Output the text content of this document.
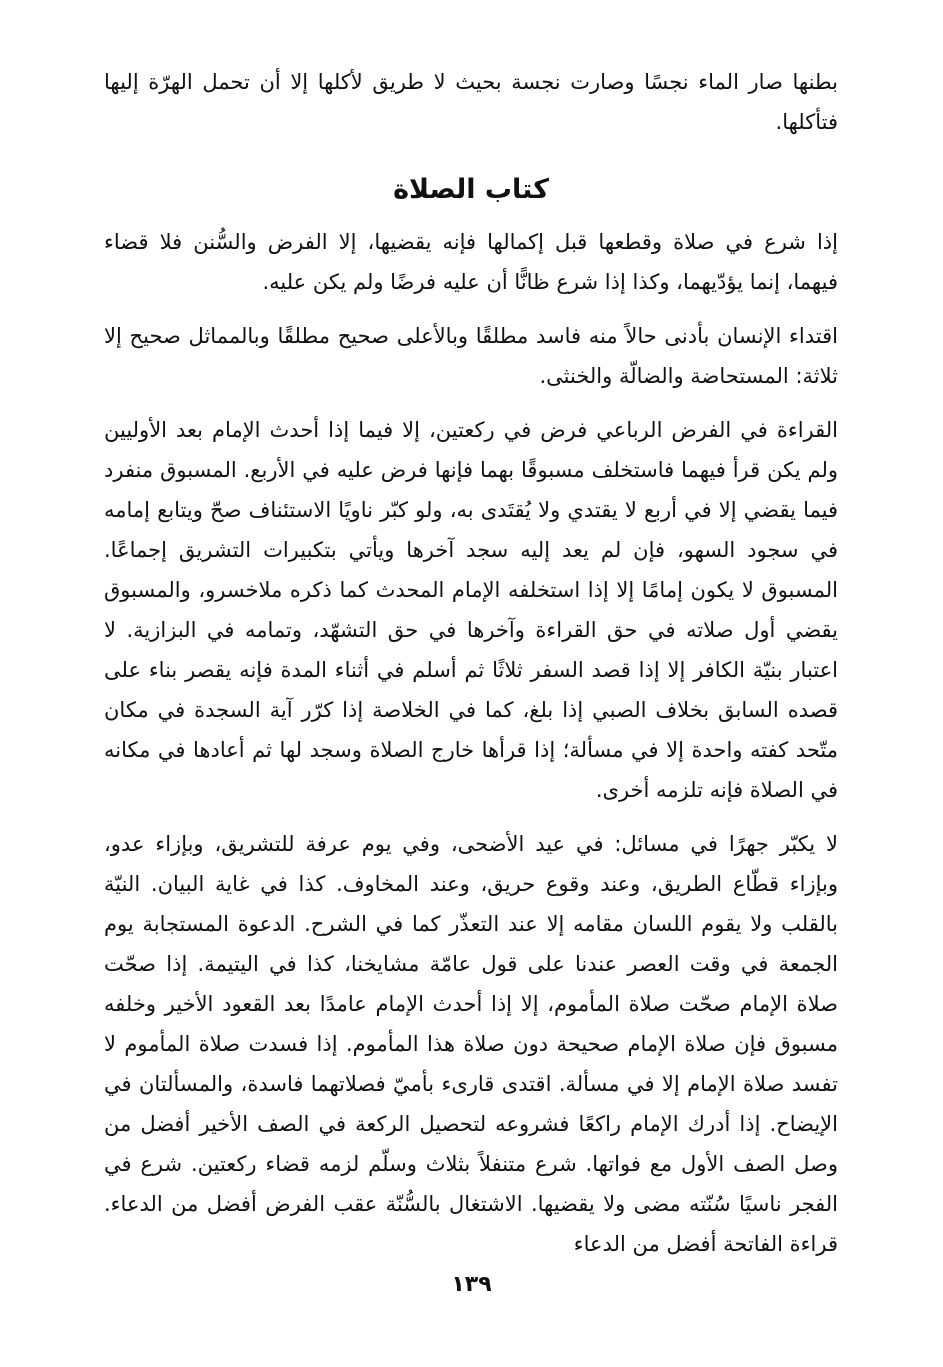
بطنها صار الماء نجسًا وصارت نجسة بحيث لا طريق لأكلها إلا أن تحمل الهرّة إليها فتأكلها.

كتاب الصلاة

إذا شرع في صلاة وقطعها قبل إكمالها فإنه يقضيها، إلا الفرض والسُّنن فلا قضاء فيهما، إنما يؤدّيهما، وكذا إذا شرع ظانًّا أن عليه فرضًا ولم يكن عليه.

اقتداء الإنسان بأدنى حالاً منه فاسد مطلقًا وبالأعلى صحيح مطلقًا وبالمماثل صحيح إلا ثلاثة: المستحاضة والضالّة والخنثى.

القراءة في الفرض الرباعي فرض في ركعتين، إلا فيما إذا أحدث الإمام بعد الأوليين ولم يكن قرأ فيهما فاستخلف مسبوقًا بهما فإنها فرض عليه في الأربع. المسبوق منفرد فيما يقضي إلا في أربع لا يقتدي ولا يُقتَدى به، ولو كبّر ناويًا الاستئناف صحّ ويتابع إمامه في سجود السهو، فإن لم يعد إليه سجد آخرها ويأتي بتكبيرات التشريق إجماعًا. المسبوق لا يكون إمامًا إلا إذا استخلفه الإمام المحدث كما ذكره ملاخسرو، والمسبوق يقضي أول صلاته في حق القراءة وآخرها في حق التشهّد، وتمامه في البزازية. لا اعتبار بنيّة الكافر إلا إذا قصد السفر ثلاثًا ثم أسلم في أثناء المدة فإنه يقصر بناء على قصده السابق بخلاف الصبي إذا بلغ، كما في الخلاصة إذا كرّر آية السجدة في مكان متّحد كفته واحدة إلا في مسألة؛ إذا قرأها خارج الصلاة وسجد لها ثم أعادها في مكانه في الصلاة فإنه تلزمه أخرى.

لا يكبّر جهرًا في مسائل: في عيد الأضحى، وفي يوم عرفة للتشريق، وبإزاء عدو، وبإزاء قطّاع الطريق، وعند وقوع حريق، وعند المخاوف. كذا في غاية البيان. النيّة بالقلب ولا يقوم اللسان مقامه إلا عند التعذّر كما في الشرح. الدعوة المستجابة يوم الجمعة في وقت العصر عندنا على قول عامّة مشايخنا، كذا في اليتيمة. إذا صحّت صلاة الإمام صحّت صلاة المأموم، إلا إذا أحدث الإمام عامدًا بعد القعود الأخير وخلفه مسبوق فإن صلاة الإمام صحيحة دون صلاة هذا المأموم. إذا فسدت صلاة المأموم لا تفسد صلاة الإمام إلا في مسألة. اقتدى قارىء بأميّ فصلاتهما فاسدة، والمسألتان في الإيضاح. إذا أدرك الإمام راكعًا فشروعه لتحصيل الركعة في الصف الأخير أفضل من وصل الصف الأول مع فواتها. شرع متنفلاً بثلاث وسلّم لزمه قضاء ركعتين. شرع في الفجر ناسيًا سُنّته مضى ولا يقضيها. الاشتغال بالسُّنّة عقب الفرض أفضل من الدعاء. قراءة الفاتحة أفضل من الدعاء

١٣٩
